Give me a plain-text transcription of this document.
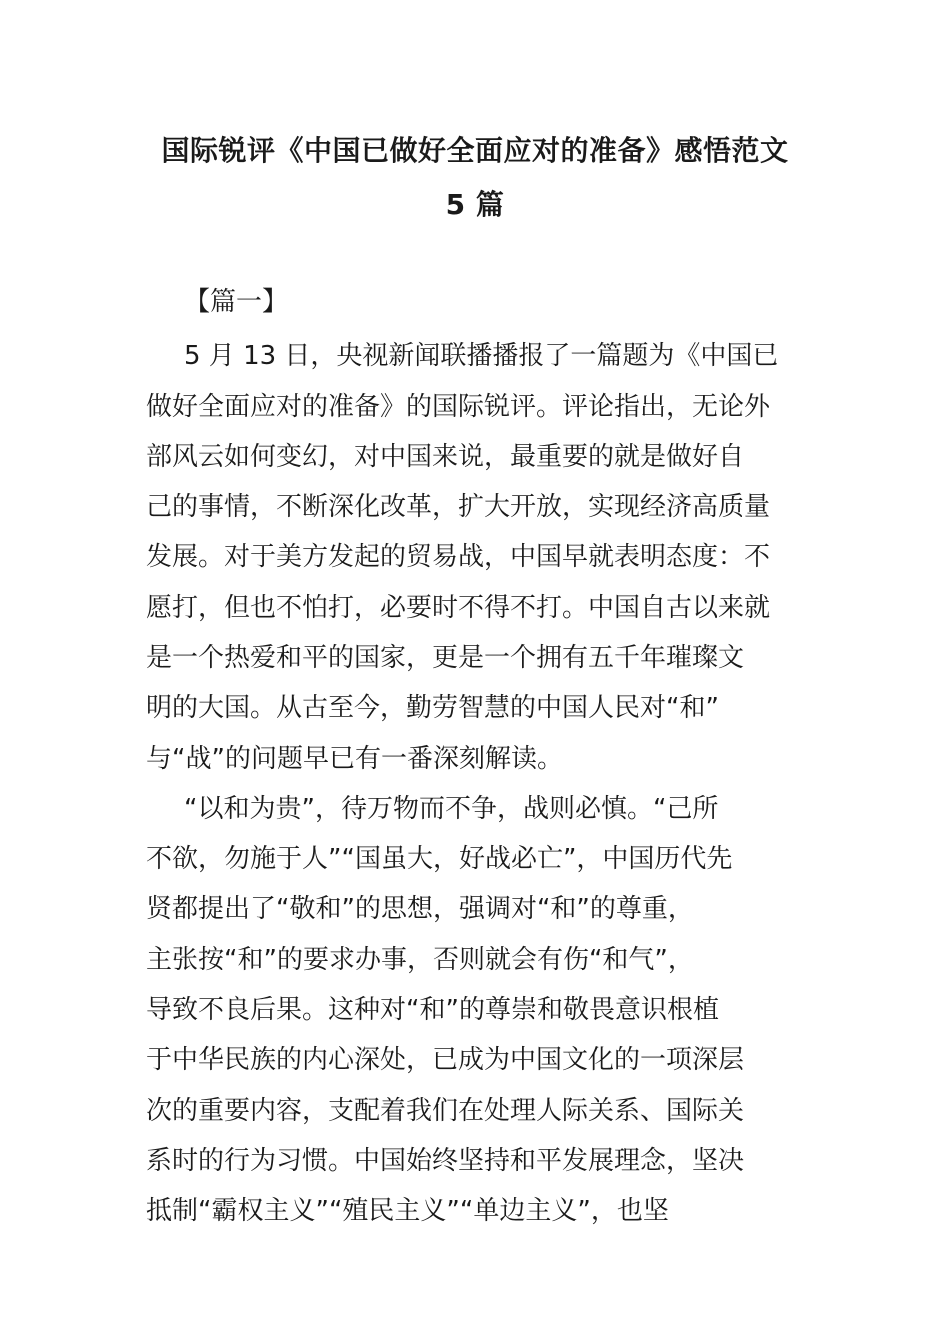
国际锐评《中国已做好全面应对的准备》感悟范文
5 篇
【篇一】
5 月 13 日，央视新闻联播播报了一篇题为《中国已
做好全面应对的准备》的国际锐评。评论指出，无论外
部风云如何变幻，对中国来说，最重要的就是做好自
己的事情，不断深化改革，扩大开放，实现经济高质量
发展。对于美方发起的贸易战，中国早就表明态度：不
愿打，但也不怕打，必要时不得不打。中国自古以来就
是一个热爱和平的国家，更是一个拥有五千年璀璨文
明的大国。从古至今，勤劳智慧的中国人民对“和”
与“战”的问题早已有一番深刻解读。
“以和为贵”，待万物而不争，战则必慎。“己所
不欲，勿施于人”“国虽大，好战必亡”，中国历代先
贤都提出了“敬和”的思想，强调对“和”的尊重，
主张按“和”的要求办事，否则就会有伤“和气”，
导致不良后果。这种对“和”的尊崇和敬畏意识根植
于中华民族的内心深处，已成为中国文化的一项深层
次的重要内容，支配着我们在处理人际关系、国际关
系时的行为习惯。中国始终坚持和平发展理念，坚决
抵制“霸权主义”“殖民主义”“单边主义”，也坚
